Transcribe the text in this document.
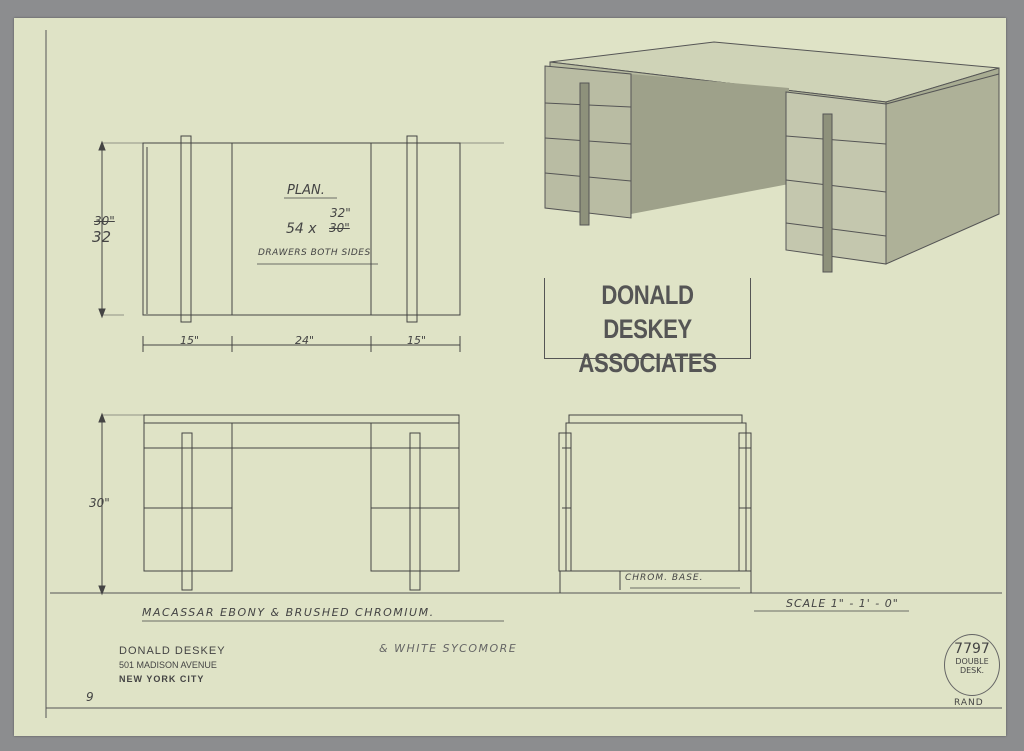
PLAN.
32"
54 x 30"
DRAWERS BOTH SIDES
30"
32
15"	24"	15"
30"
DONALD DESKEY
ASSOCIATES
CHROM. BASE.
MACASSAR EBONY & BRUSHED CHROMIUM.
& WHITE SYCOMORE
SCALE 1" - 1' - 0"
DONALD DESKEY
501 MADISON AVENUE
NEW YORK CITY
7797
DOUBLE
DESK.
RAND
9
